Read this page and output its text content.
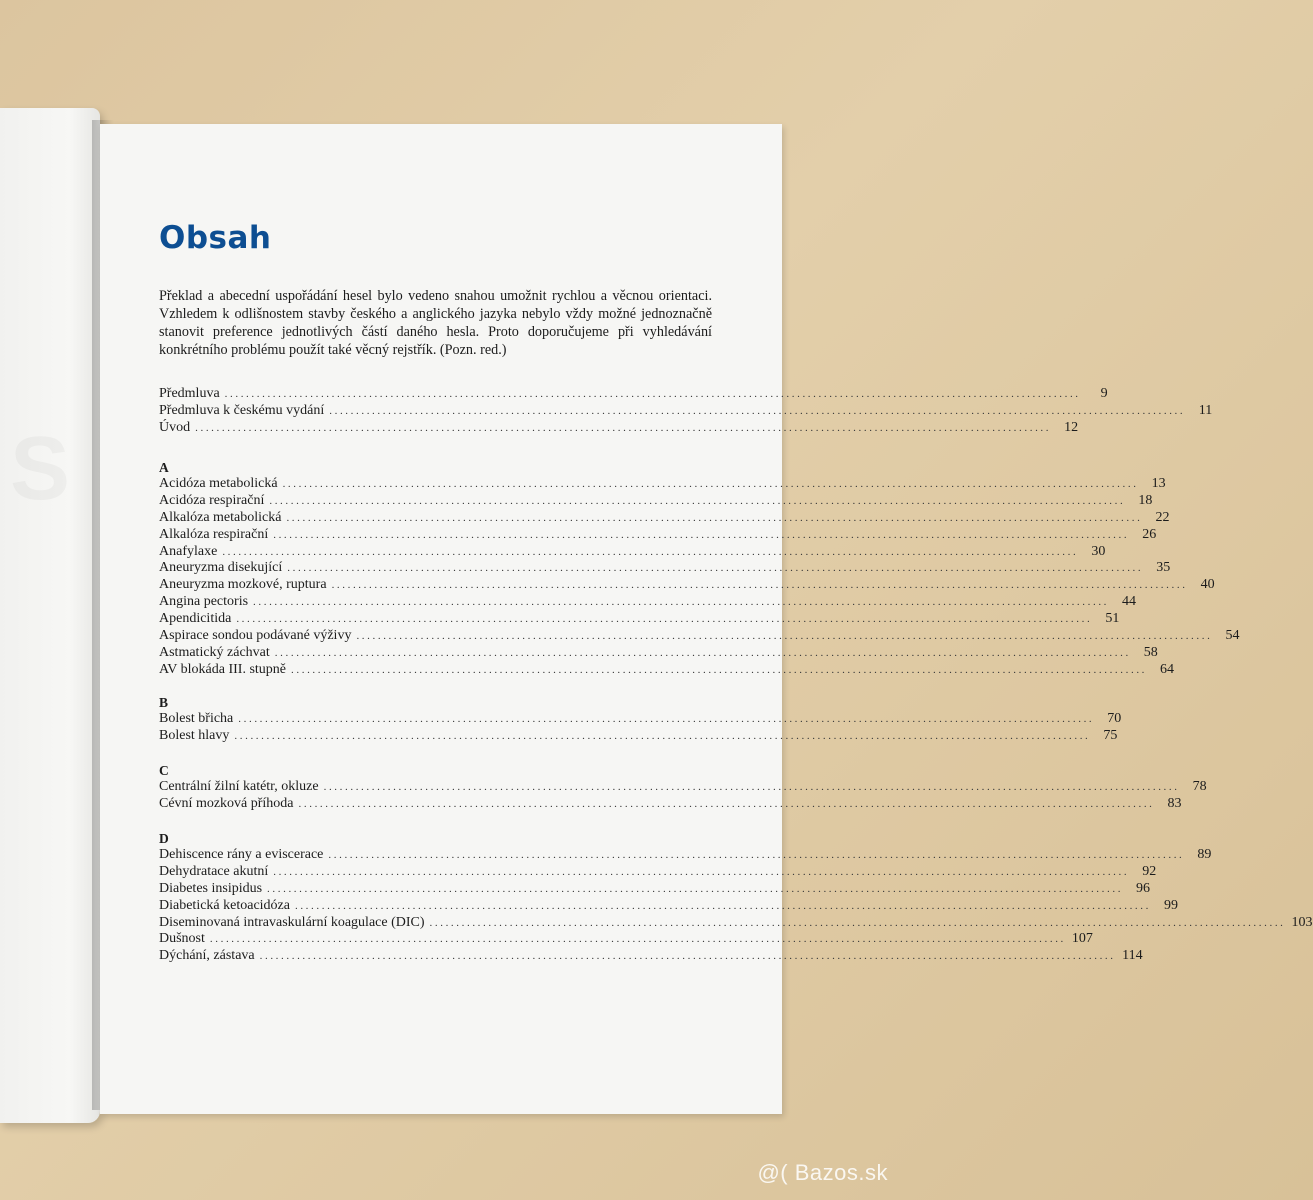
Obsah

Překlad a abecední uspořádání hesel bylo vedeno snahou umožnit rychlou a věcnou orientaci. Vzhledem k odlišnostem stavby českého a anglického jazyka nebylo vždy možné jednoznačně stanovit preference jednotlivých částí daného hesla. Proto doporučujeme při vyhledávání konkrétního problému použít také věcný rejstřík. (Pozn. red.)

Předmluva ................................................................................................................................................................	9
Předmluva k českému vydání ................................................................................................................................................................ 11
Úvod ................................................................................................................................................................ 12
A
Acidóza metabolická ................................................................................................................................................................ 13
Acidóza respirační ................................................................................................................................................................ 18
Alkalóza metabolická ................................................................................................................................................................ 22
Alkalóza respirační ................................................................................................................................................................ 26
Anafylaxe ................................................................................................................................................................ 30
Aneuryzma disekující ................................................................................................................................................................ 35
Aneuryzma mozkové, ruptura ................................................................................................................................................................ 40
Angina pectoris ................................................................................................................................................................ 44
Apendicitida ................................................................................................................................................................ 51
Aspirace sondou podávané výživy ................................................................................................................................................................ 54
Astmatický záchvat ................................................................................................................................................................ 58
AV blokáda III. stupně ................................................................................................................................................................ 64
B
Bolest břicha ................................................................................................................................................................ 70
Bolest hlavy ................................................................................................................................................................ 75
C
Centrální žilní katétr, okluze ................................................................................................................................................................ 78
Cévní mozková příhoda ................................................................................................................................................................ 83
D
Dehiscence rány a eviscerace ................................................................................................................................................................ 89
Dehydratace akutní ................................................................................................................................................................ 92
Diabetes insipidus ................................................................................................................................................................ 96
Diabetická ketoacidóza ................................................................................................................................................................ 99
Diseminovaná intravaskulární koagulace (DIC) ................................................................................................................................................................ 103
Dušnost ................................................................................................................................................................ 107
Dýchání, zástava ................................................................................................................................................................ 114
@( Bazos.sk
